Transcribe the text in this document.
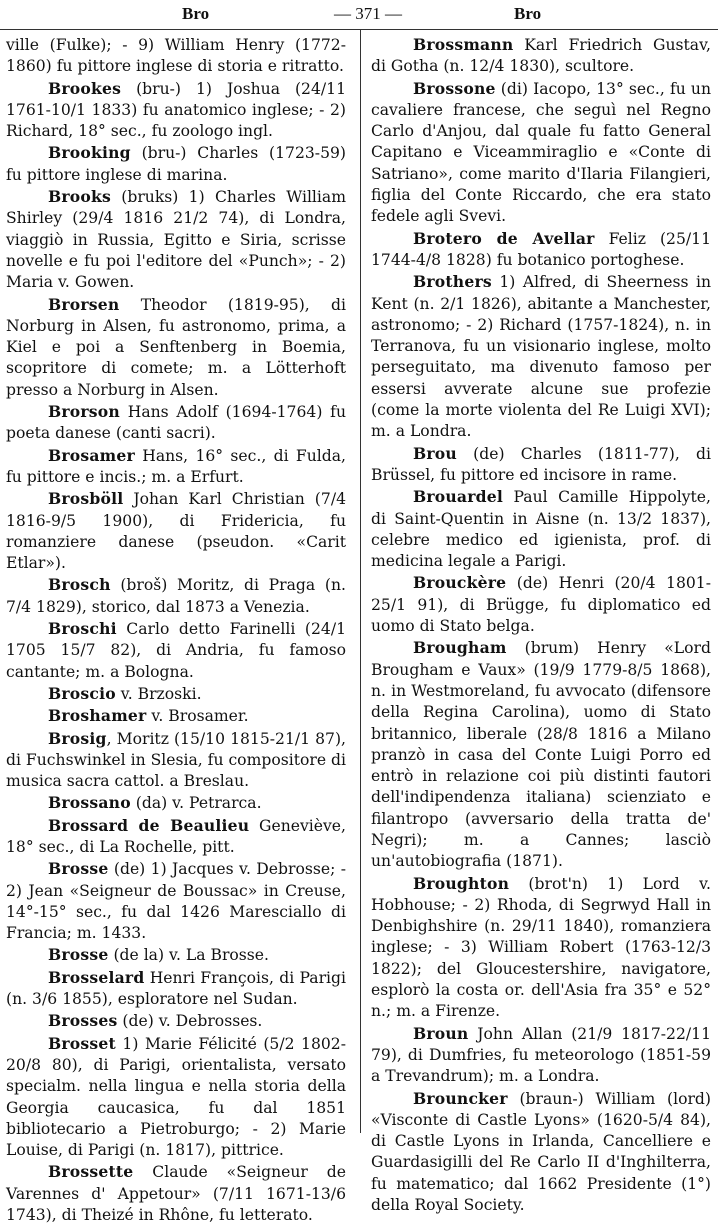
Bro	— 371 —	Bro

ville (Fulke); - 9) William Henry (1772-1860) fu pittore inglese di storia e ritratto.

Brookes (bru-) 1) Joshua (24/11 1761-10/1 1833) fu anatomico inglese; - 2) Richard, 18° sec., fu zoologo ingl.

Brooking (bru-) Charles (1723-59) fu pittore inglese di marina.

Brooks (bruks) 1) Charles William Shirley (29/4 1816 21/2 74), di Londra, viaggiò in Russia, Egitto e Siria, scrisse novelle e fu poi l'editore del «Punch»; - 2) Maria v. Gowen.

Brorsen Theodor (1819-95), di Norburg in Alsen, fu astronomo, prima, a Kiel e poi a Senftenberg in Boemia, scopritore di comete; m. a Lötterhoft presso a Norburg in Alsen.

Brorson Hans Adolf (1694-1764) fu poeta danese (canti sacri).

Brosamer Hans, 16° sec., di Fulda, fu pittore e incis.; m. a Erfurt.

Brosböll Johan Karl Christian (7/4 1816-9/5 1900), di Fridericia, fu romanziere danese (pseudon. «Carit Etlar»).

Brosch (broš) Moritz, di Praga (n. 7/4 1829), storico, dal 1873 a Venezia.

Broschi Carlo detto Farinelli (24/1 1705 15/7 82), di Andria, fu famoso cantante; m. a Bologna.

Broscio v. Brzoski.

Broshamer v. Brosamer.

Brosig, Moritz (15/10 1815-21/1 87), di Fuchswinkel in Slesia, fu compositore di musica sacra cattol. a Breslau.

Brossano (da) v. Petrarca.

Brossard de Beaulieu Geneviève, 18° sec., di La Rochelle, pitt.

Brosse (de) 1) Jacques v. Debrosse; - 2) Jean «Seigneur de Boussac» in Creuse, 14°-15° sec., fu dal 1426 Maresciallo di Francia; m. 1433.

Brosse (de la) v. La Brosse.

Brosselard Henri François, di Parigi (n. 3/6 1855), esploratore nel Sudan.

Brosses (de) v. Debrosses.

Brosset 1) Marie Félicité (5/2 1802-20/8 80), di Parigi, orientalista, versato specialm. nella lingua e nella storia della Georgia caucasica, fu dal 1851 bibliotecario a Pietroburgo; - 2) Marie Louise, di Parigi (n. 1817), pittrice.

Brossette Claude «Seigneur de Varennes d' Appetour» (7/11 1671-13/6 1743), di Theizé in Rhône, fu letterato.

Brossmann Karl Friedrich Gustav, di Gotha (n. 12/4 1830), scultore.

Brossone (di) Iacopo, 13° sec., fu un cavaliere francese, che seguì nel Regno Carlo d'Anjou, dal quale fu fatto General Capitano e Viceammiraglio e «Conte di Satriano», come marito d'Ilaria Filangieri, figlia del Conte Riccardo, che era stato fedele agli Svevi.

Brotero de Avellar Feliz (25/11 1744-4/8 1828) fu botanico portoghese.

Brothers 1) Alfred, di Sheerness in Kent (n. 2/1 1826), abitante a Manchester, astronomo; - 2) Richard (1757-1824), n. in Terranova, fu un visionario inglese, molto perseguitato, ma divenuto famoso per essersi avverate alcune sue profezie (come la morte violenta del Re Luigi XVI); m. a Londra.

Brou (de) Charles (1811-77), di Brüssel, fu pittore ed incisore in rame.

Brouardel Paul Camille Hippolyte, di Saint-Quentin in Aisne (n. 13/2 1837), celebre medico ed igienista, prof. di medicina legale a Parigi.

Brouckère (de) Henri (20/4 1801-25/1 91), di Brügge, fu diplomatico ed uomo di Stato belga.

Brougham (brum) Henry «Lord Brougham e Vaux» (19/9 1779-8/5 1868), n. in Westmoreland, fu avvocato (difensore della Regina Carolina), uomo di Stato britannico, liberale (28/8 1816 a Milano pranzò in casa del Conte Luigi Porro ed entrò in relazione coi più distinti fautori dell'indipendenza italiana) scienziato e filantropo (avversario della tratta de' Negri); m. a Cannes; lasciò un'autobiografia (1871).

Broughton (brot'n) 1) Lord v. Hobhouse; - 2) Rhoda, di Segrwyd Hall in Denbighshire (n. 29/11 1840), romanziera inglese; - 3) William Robert (1763-12/3 1822); del Gloucestershire, navigatore, esplorò la costa or. dell'Asia fra 35° e 52° n.; m. a Firenze.

Broun John Allan (21/9 1817-22/11 79), di Dumfries, fu meteorologo (1851-59 a Trevandrum); m. a Londra.

Brouncker (braun-) William (lord) «Visconte di Castle Lyons» (1620-5/4 84), di Castle Lyons in Irlanda, Cancelliere e Guardasigilli del Re Carlo II d'Inghilterra, fu matematico; dal 1662 Presidente (1°) della Royal Society.
